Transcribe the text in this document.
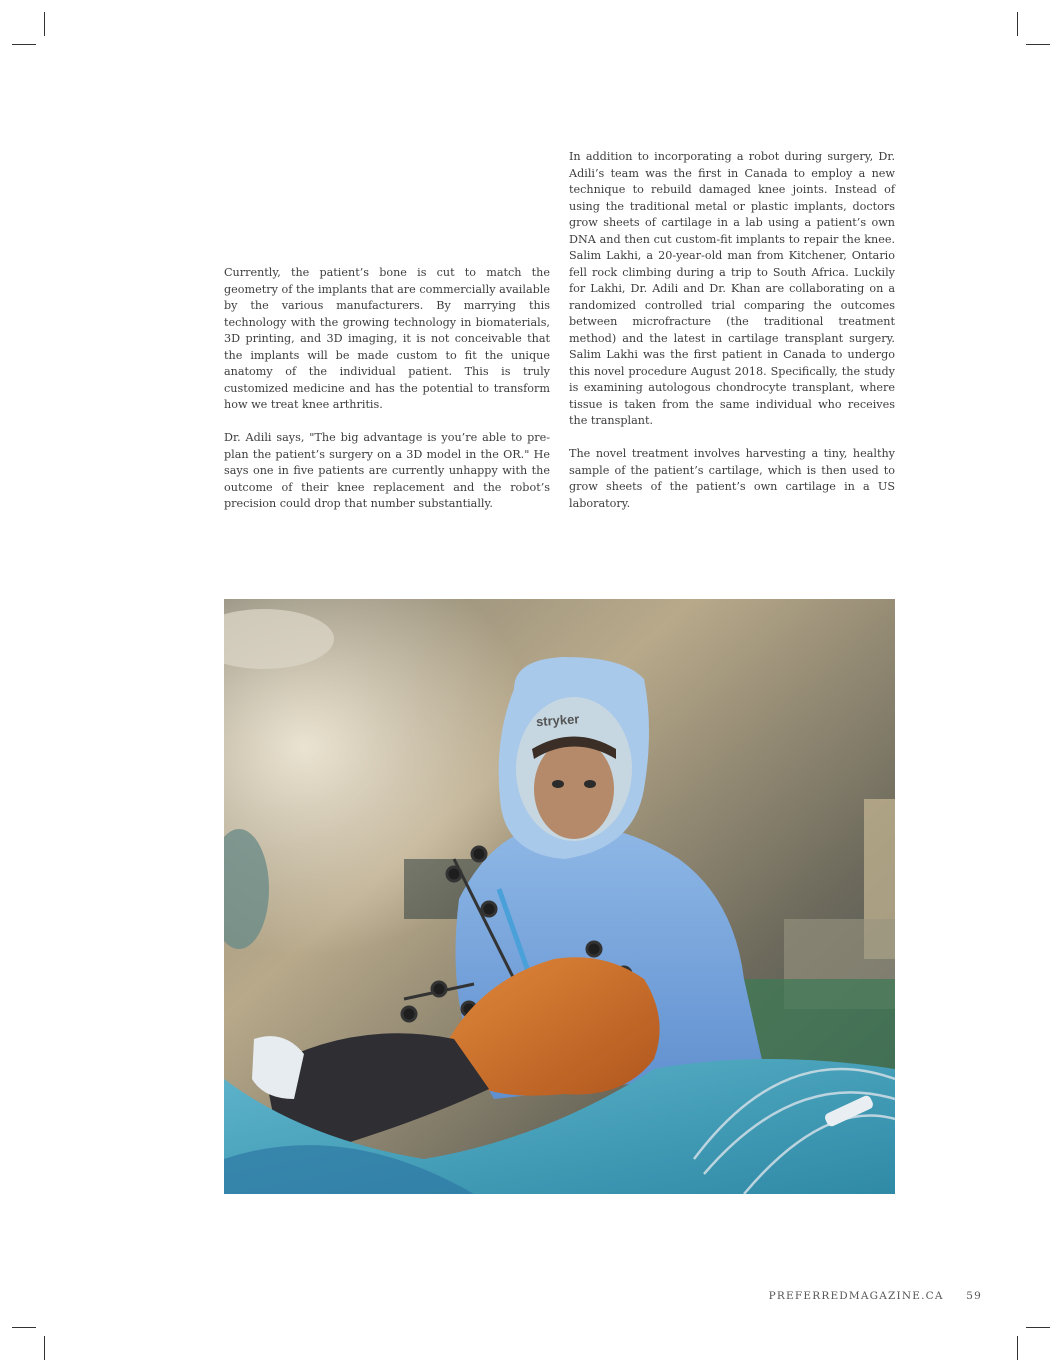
Currently, the patient’s bone is cut to match the geometry of the implants that are commercially available by the various manufacturers. By marrying this technology with the growing technology in biomaterials, 3D printing, and 3D imaging, it is not conceivable that the implants will be made custom to fit the unique anatomy of the individual patient. This is truly customized medicine and has the potential to transform how we treat knee arthritis.

Dr. Adili says, "The big advantage is you’re able to pre-plan the patient’s surgery on a 3D model in the OR." He says one in five patients are currently unhappy with the outcome of their knee replacement and the robot’s precision could drop that number substantially.

In addition to incorporating a robot during surgery, Dr. Adili’s team was the first in Canada to employ a new technique to rebuild damaged knee joints. Instead of using the traditional metal or plastic implants, doctors grow sheets of cartilage in a lab using a patient’s own DNA and then cut custom-fit implants to repair the knee. Salim Lakhi, a 20-year-old man from Kitchener, Ontario fell rock climbing during a trip to South Africa. Luckily for Lakhi, Dr. Adili and Dr. Khan are collaborating on a randomized controlled trial comparing the outcomes between microfracture (the traditional treatment method) and the latest in cartilage transplant surgery. Salim Lakhi was the first patient in Canada to undergo this novel procedure August 2018. Specifically, the study is examining autologous chondrocyte transplant, where tissue is taken from the same individual who receives the transplant.

The novel treatment involves harvesting a tiny, healthy sample of the patient’s cartilage, which is then used to grow sheets of the patient’s own cartilage in a US laboratory.

stryker
PREFERREDMAGAZINE.CA 59
